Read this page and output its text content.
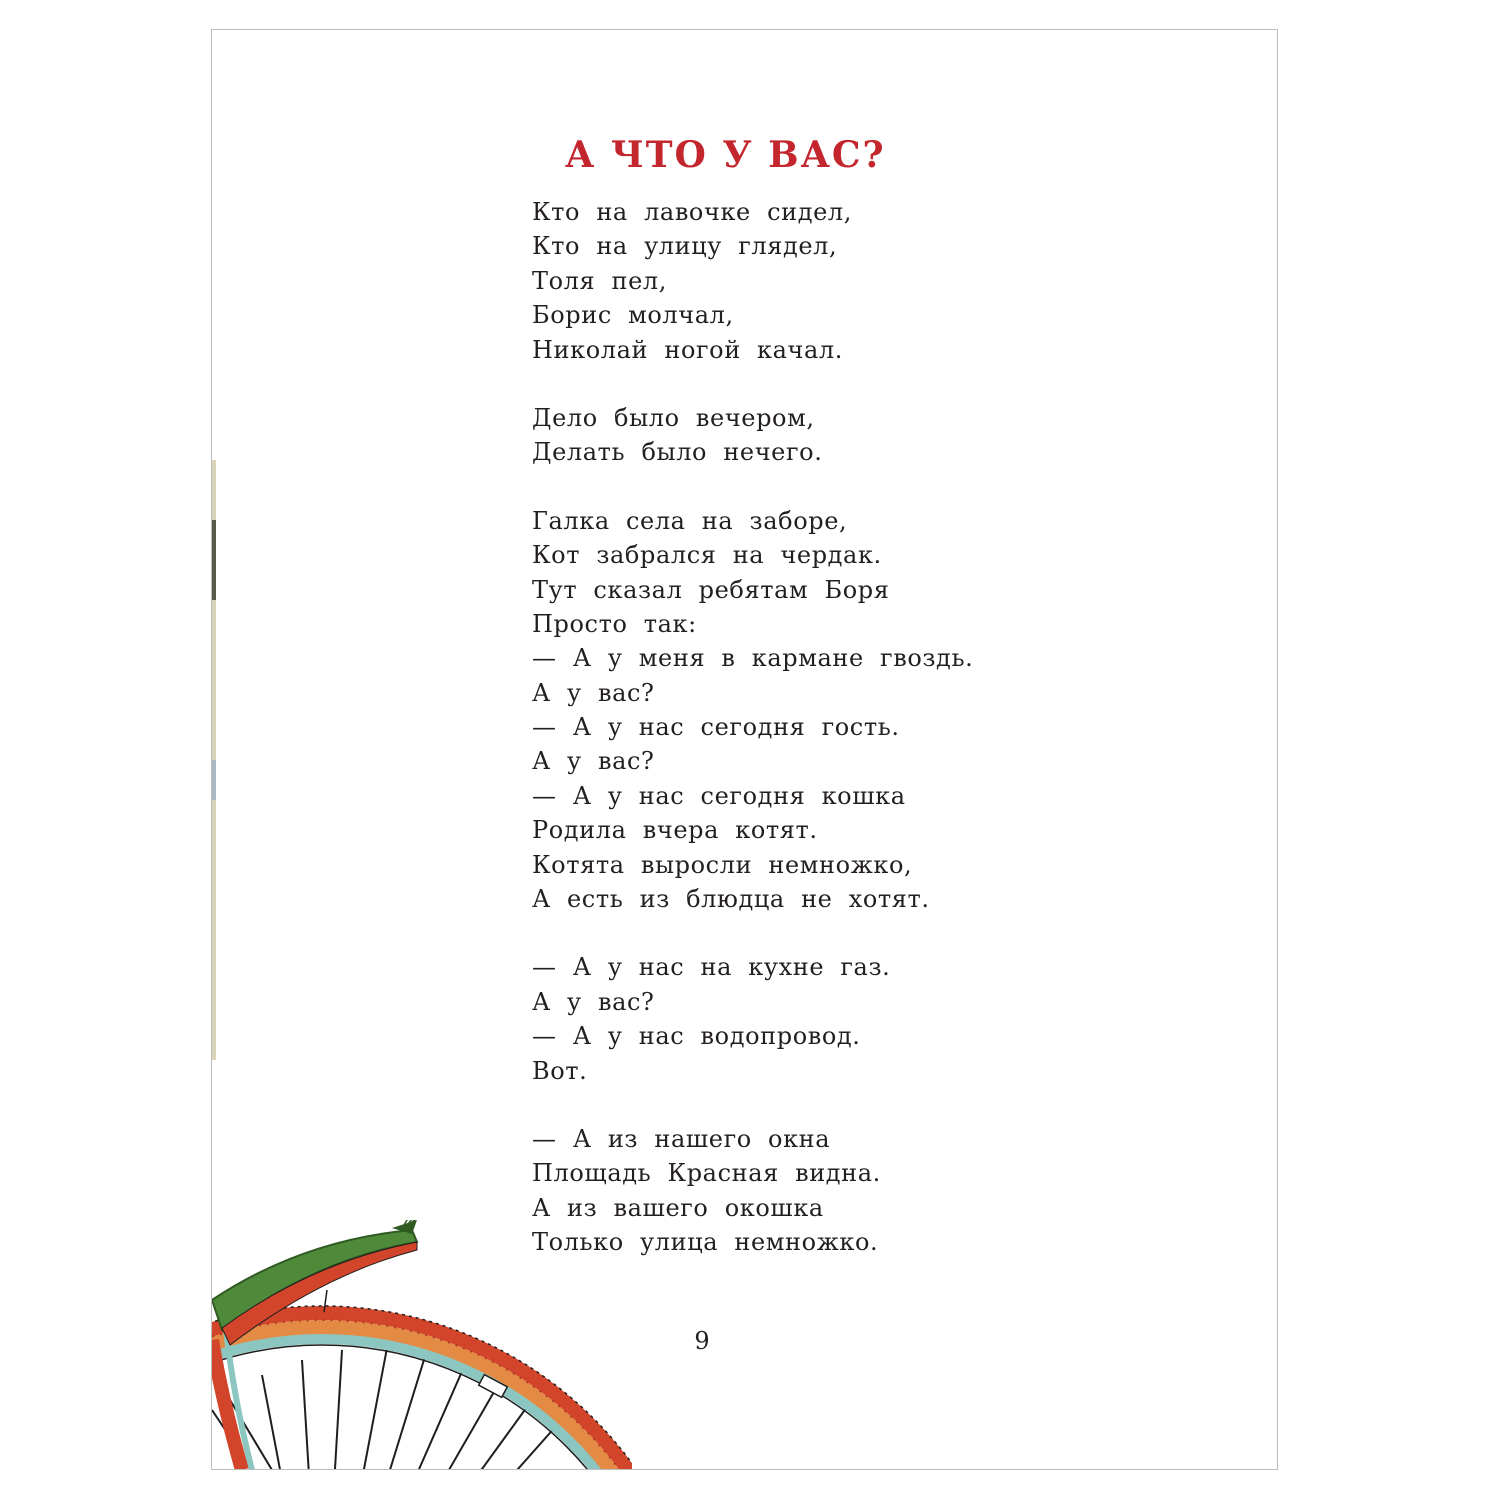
А ЧТО У ВАС?
Кто на лавочке сидел,
Кто на улицу глядел,
Толя пел,
Борис молчал,
Николай ногой качал.
Дело было вечером,
Делать было нечего.
Галка села на заборе,
Кот забрался на чердак.
Тут сказал ребятам Боря
Просто так:
— А у меня в кармане гвоздь.
А у вас?
— А у нас сегодня гость.
А у вас?
— А у нас сегодня кошка
Родила вчера котят.
Котята выросли немножко,
А есть из блюдца не хотят.
— А у нас на кухне газ.
А у вас?
— А у нас водопровод.
Вот.
— А из нашего окна
Площадь Красная видна.
А из вашего окошка
Только улица немножко.
9
